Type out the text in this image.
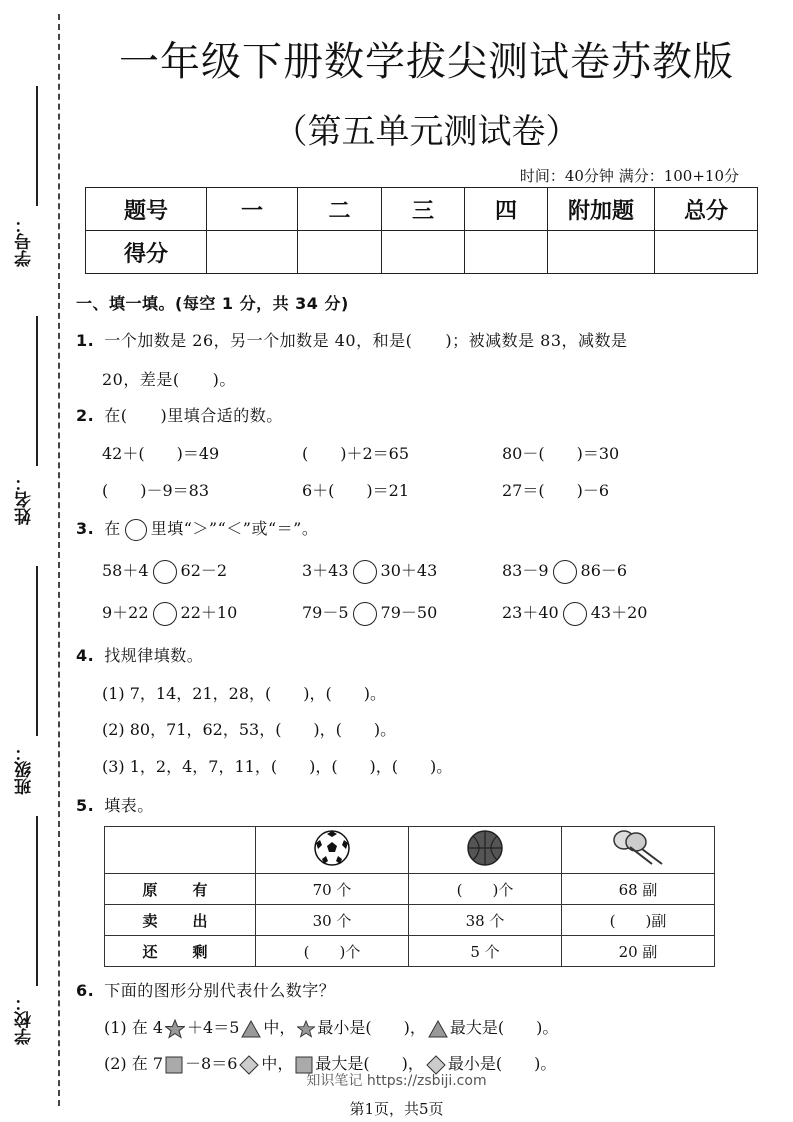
学号：
姓名：
班级：
学校：
一年级下册数学拔尖测试卷苏教版
（第五单元测试卷）
时间：40分钟 满分：100+10分
题号	一	二	三	四	附加题	总分
得分						
一、填一填。(每空 1 分，共 34 分)
1. 一个加数是 26，另一个加数是 40，和是(　　)；被减数是 83，减数是
20，差是(　　)。
2. 在(　　)里填合适的数。
42＋(　　)＝49	(　　)＋2＝65	80－(　　)＝30
(　　)－9＝83	6＋(　　)＝21	27＝(　　)－6
3. 在 里填“＞”“＜”或“＝”。
58＋4 62－2	3＋43 30＋43	83－9 86－6
9＋22 22＋10	79－5 79－50	23＋40 43＋20
4. 找规律填数。
(1) 7，14，21，28，(　　)，(　　)。
(2) 80，71，62，53，(　　)，(　　)。
(3) 1，2，4，7，11，(　　)，(　　)，(　　)。
5. 填表。

原　有	70 个	(　　)个	68 副
卖　出	30 个	38 个	(　　)副
还　剩	(　　)个	5 个	20 副
6. 下面的图形分别代表什么数字？
(1) 在 4 ＋4＝5 中， 最小是(　　)， 最大是(　　)。
(2) 在 7 －8＝6 中， 最大是(　　)， 最小是(　　)。
知识笔记 https://zsbiji.com
第1页，共5页
